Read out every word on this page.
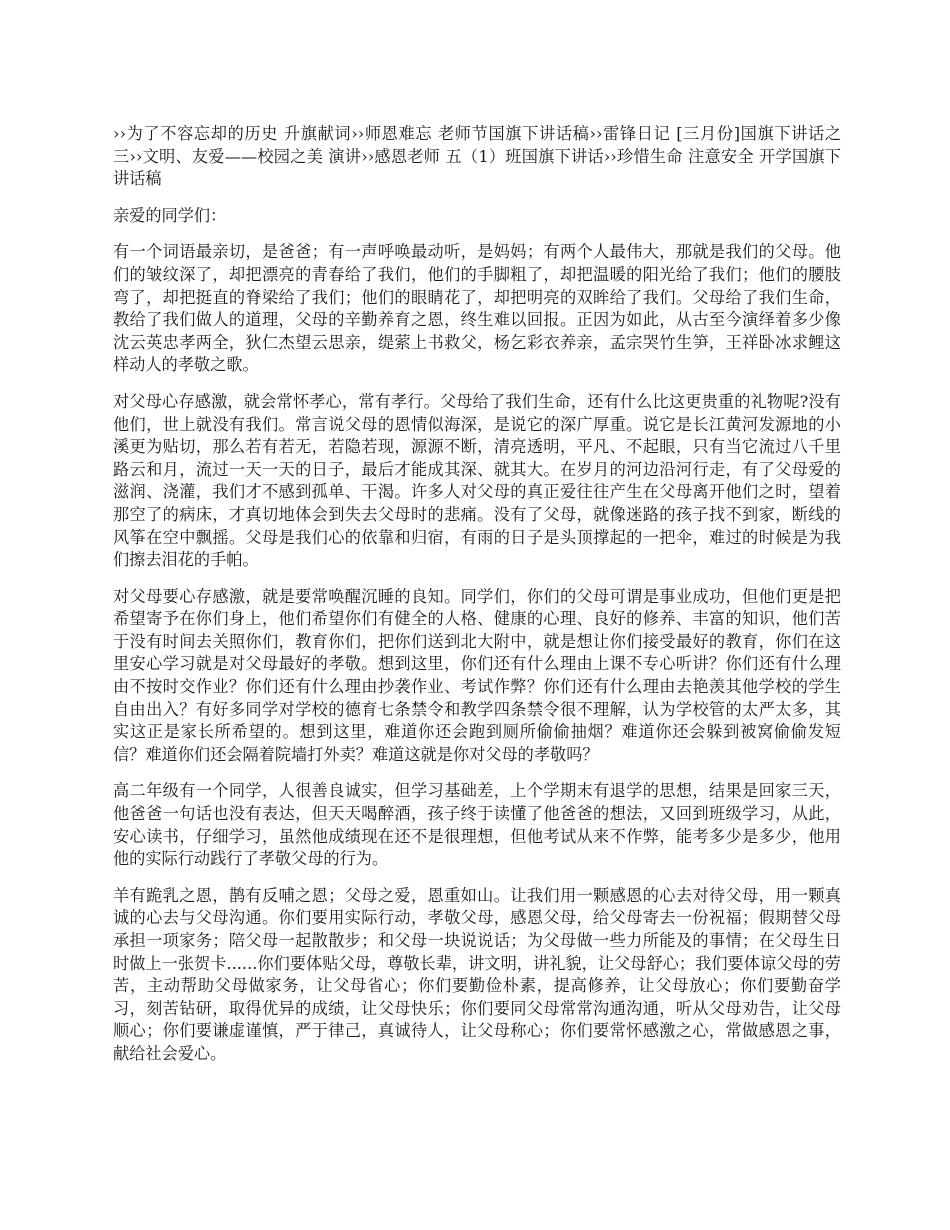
››为了不容忘却的历史 升旗献词››师恩难忘 老师节国旗下讲话稿››雷锋日记 [三月份]国旗下讲话之三››文明、友爱——校园之美 演讲››感恩老师 五（1）班国旗下讲话››珍惜生命 注意安全 开学国旗下讲话稿
亲爱的同学们：
有一个词语最亲切，是爸爸；有一声呼唤最动听，是妈妈；有两个人最伟大，那就是我们的父母。他们的皱纹深了，却把漂亮的青春给了我们，他们的手脚粗了，却把温暖的阳光给了我们；他们的腰肢弯了，却把挺直的脊梁给了我们；他们的眼睛花了，却把明亮的双眸给了我们。父母给了我们生命，教给了我们做人的道理，父母的辛勤养育之恩，终生难以回报。正因为如此，从古至今演绎着多少像沈云英忠孝两全，狄仁杰望云思亲，缇萦上书救父，杨乞彩衣养亲，孟宗哭竹生笋，王祥卧冰求鲤这样动人的孝敬之歌。
对父母心存感激，就会常怀孝心，常有孝行。父母给了我们生命，还有什么比这更贵重的礼物呢?没有他们，世上就没有我们。常言说父母的恩情似海深，是说它的深广厚重。说它是长江黄河发源地的小溪更为贴切，那么若有若无，若隐若现，源源不断，清亮透明，平凡、不起眼，只有当它流过八千里路云和月，流过一天一天的日子，最后才能成其深、就其大。在岁月的河边沿河行走，有了父母爱的滋润、浇灌，我们才不感到孤单、干渴。许多人对父母的真正爱往往产生在父母离开他们之时，望着那空了的病床，才真切地体会到失去父母时的悲痛。没有了父母，就像迷路的孩子找不到家，断线的风筝在空中飘摇。父母是我们心的依靠和归宿，有雨的日子是头顶撑起的一把伞，难过的时候是为我们擦去泪花的手帕。
对父母要心存感激，就是要常唤醒沉睡的良知。同学们，你们的父母可谓是事业成功，但他们更是把希望寄予在你们身上，他们希望你们有健全的人格、健康的心理、良好的修养、丰富的知识，他们苦于没有时间去关照你们，教育你们，把你们送到北大附中，就是想让你们接受最好的教育，你们在这里安心学习就是对父母最好的孝敬。想到这里，你们还有什么理由上课不专心听讲？你们还有什么理由不按时交作业？你们还有什么理由抄袭作业、考试作弊？你们还有什么理由去艳羡其他学校的学生自由出入？有好多同学对学校的德育七条禁令和教学四条禁令很不理解，认为学校管的太严太多，其实这正是家长所希望的。想到这里，难道你还会跑到厕所偷偷抽烟？难道你还会躲到被窝偷偷发短信？难道你们还会隔着院墙打外卖？难道这就是你对父母的孝敬吗？
高二年级有一个同学，人很善良诚实，但学习基础差，上个学期末有退学的思想，结果是回家三天，他爸爸一句话也没有表达，但天天喝醉酒，孩子终于读懂了他爸爸的想法，又回到班级学习，从此，安心读书，仔细学习，虽然他成绩现在还不是很理想，但他考试从来不作弊，能考多少是多少，他用他的实际行动践行了孝敬父母的行为。
羊有跪乳之恩，鹊有反哺之恩；父母之爱，恩重如山。让我们用一颗感恩的心去对待父母，用一颗真诚的心去与父母沟通。你们要用实际行动，孝敬父母，感恩父母，给父母寄去一份祝福；假期替父母承担一项家务；陪父母一起散散步；和父母一块说说话；为父母做一些力所能及的事情；在父母生日时做上一张贺卡......你们要体贴父母，尊敬长辈，讲文明，讲礼貌，让父母舒心；我们要体谅父母的劳苦，主动帮助父母做家务，让父母省心；你们要勤俭朴素，提高修养，让父母放心；你们要勤奋学习，刻苦钻研，取得优异的成绩，让父母快乐；你们要同父母常常沟通沟通，听从父母劝告，让父母顺心；你们要谦虚谨慎，严于律己，真诚待人，让父母称心；你们要常怀感激之心，常做感恩之事，献给社会爱心。
